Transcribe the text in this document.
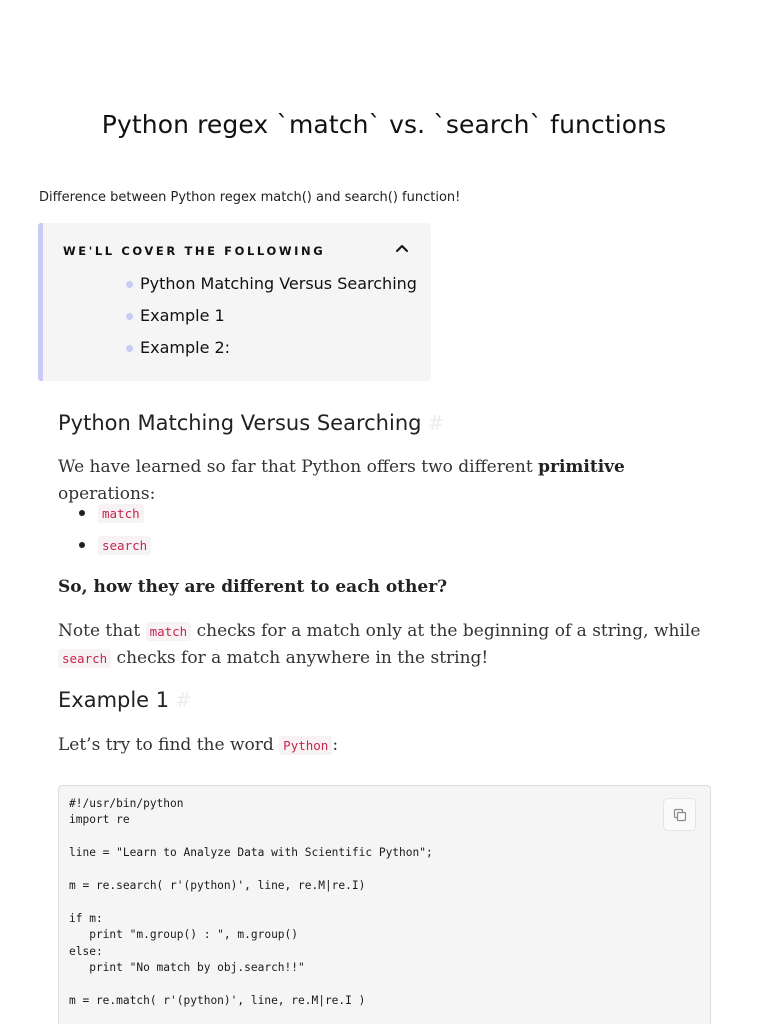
Python regex `match` vs. `search` functions

Difference between Python regex match() and search() function!

WE'LL COVER THE FOLLOWING
Python Matching Versus Searching
Example 1
Example 2:
Python Matching Versus Searching #

We have learned so far that Python offers two different primitive operations:

match
search

So, how they are different to each other?

Note that match checks for a match only at the beginning of a string, while
search checks for a match anywhere in the string!

Example 1 #

Let’s try to find the word Python :

#!/usr/bin/python
import re

line = "Learn to Analyze Data with Scientific Python";

m = re.search( r'(python)', line, re.M|re.I)

if m:
print "m.group() : ", m.group()
else:
print "No match by obj.search!!"

m = re.match( r'(python)', line, re.M|re.I )
